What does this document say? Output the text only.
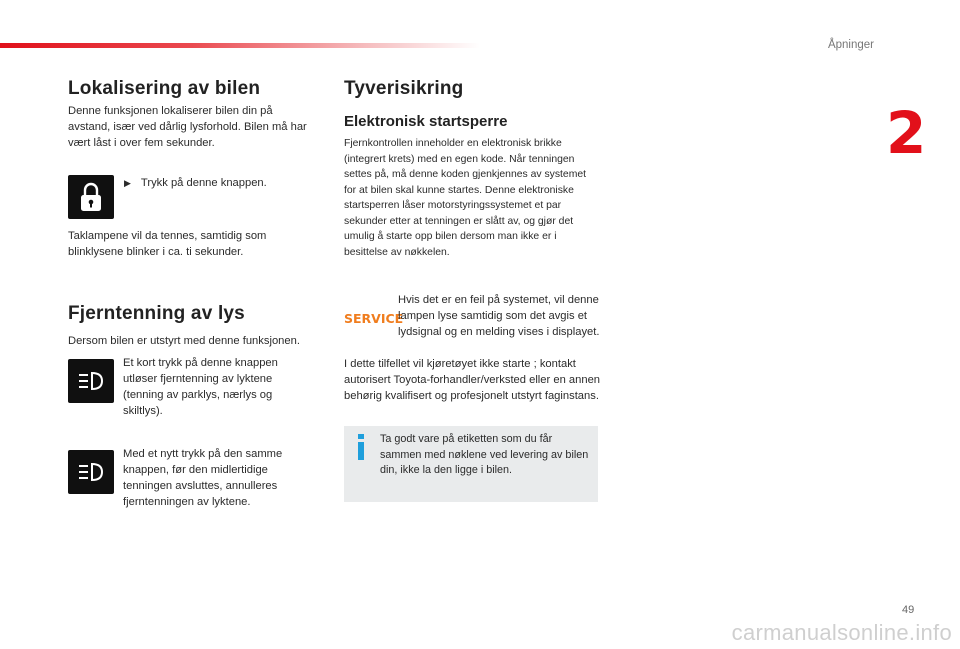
Åpninger
2
Lokalisering av bilen

Denne funksjonen lokaliserer bilen din på avstand, især ved dårlig lysforhold. Bilen må har vært låst i over fem sekunder.

▶ Trykk på denne knappen.

Taklampene vil da tennes, samtidig som blinklysene blinker i ca. ti sekunder.

Fjerntenning av lys

Dersom bilen er utstyrt med denne funksjonen.

Et kort trykk på denne knappen utløser fjerntenning av lyktene (tenning av parklys, nærlys og skiltlys).

Med et nytt trykk på den samme knappen, før den midlertidige tenningen avsluttes, annulleres fjerntenningen av lyktene.

Tyverisikring
Elektronisk startsperre

Fjernkontrollen inneholder en elektronisk brikke (integrert krets) med en egen kode. Når tenningen settes på, må denne koden gjenkjennes av systemet for at bilen skal kunne startes. Denne elektroniske startsperren låser motorstyringssystemet et par sekunder etter at tenningen er slått av, og gjør det umulig å starte opp bilen dersom man ikke er i besittelse av nøkkelen.

SERVICE

Hvis det er en feil på systemet, vil denne lampen lyse samtidig som det avgis et lydsignal og en melding vises i displayet.

I dette tilfellet vil kjøretøyet ikke starte ; kontakt autorisert Toyota-forhandler/verksted eller en annen behørig kvalifisert og profesjonelt utstyrt faginstans.

Ta godt vare på etiketten som du får sammen med nøklene ved levering av bilen din, ikke la den ligge i bilen.
49
carmanualsonline.info
